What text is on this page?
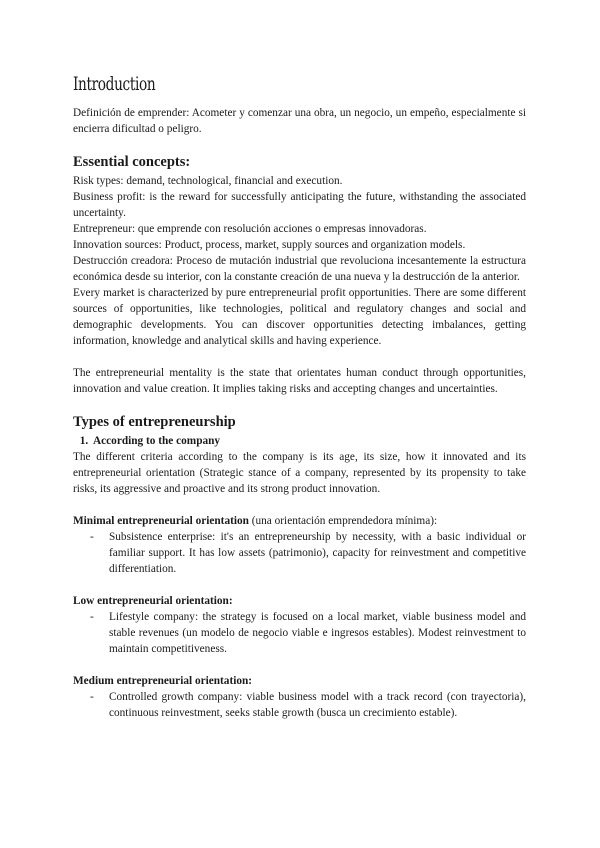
Introduction

Definición de emprender: Acometer y comenzar una obra, un negocio, un empeño, especialmente si encierra dificultad o peligro.

Essential concepts:

Risk types: demand, technological, financial and execution.

Business profit: is the reward for successfully anticipating the future, withstanding the associated uncertainty.

Entrepreneur: que emprende con resolución acciones o empresas innovadoras.

Innovation sources: Product, process, market, supply sources and organization models.

Destrucción creadora: Proceso de mutación industrial que revoluciona incesantemente la estructura económica desde su interior, con la constante creación de una nueva y la destrucción de la anterior.

Every market is characterized by pure entrepreneurial profit opportunities. There are some different sources of opportunities, like technologies, political and regulatory changes and social and demographic developments. You can discover opportunities detecting imbalances, getting information, knowledge and analytical skills and having experience.

The entrepreneurial mentality is the state that orientates human conduct through opportunities, innovation and value creation. It implies taking risks and accepting changes and uncertainties.

Types of entrepreneurship
1. According to the company

The different criteria according to the company is its age, its size, how it innovated and its entrepreneurial orientation (Strategic stance of a company, represented by its propensity to take risks, its aggressive and proactive and its strong product innovation.

Minimal entrepreneurial orientation (una orientación emprendedora mínima):
- Subsistence enterprise: it's an entrepreneurship by necessity, with a basic individual or familiar support. It has low assets (patrimonio), capacity for reinvestment and competitive differentiation.
Low entrepreneurial orientation:
- Lifestyle company: the strategy is focused on a local market, viable business model and stable revenues (un modelo de negocio viable e ingresos estables). Modest reinvestment to maintain competitiveness.
Medium entrepreneurial orientation:
- Controlled growth company: viable business model with a track record (con trayectoria), continuous reinvestment, seeks stable growth (busca un crecimiento estable).
